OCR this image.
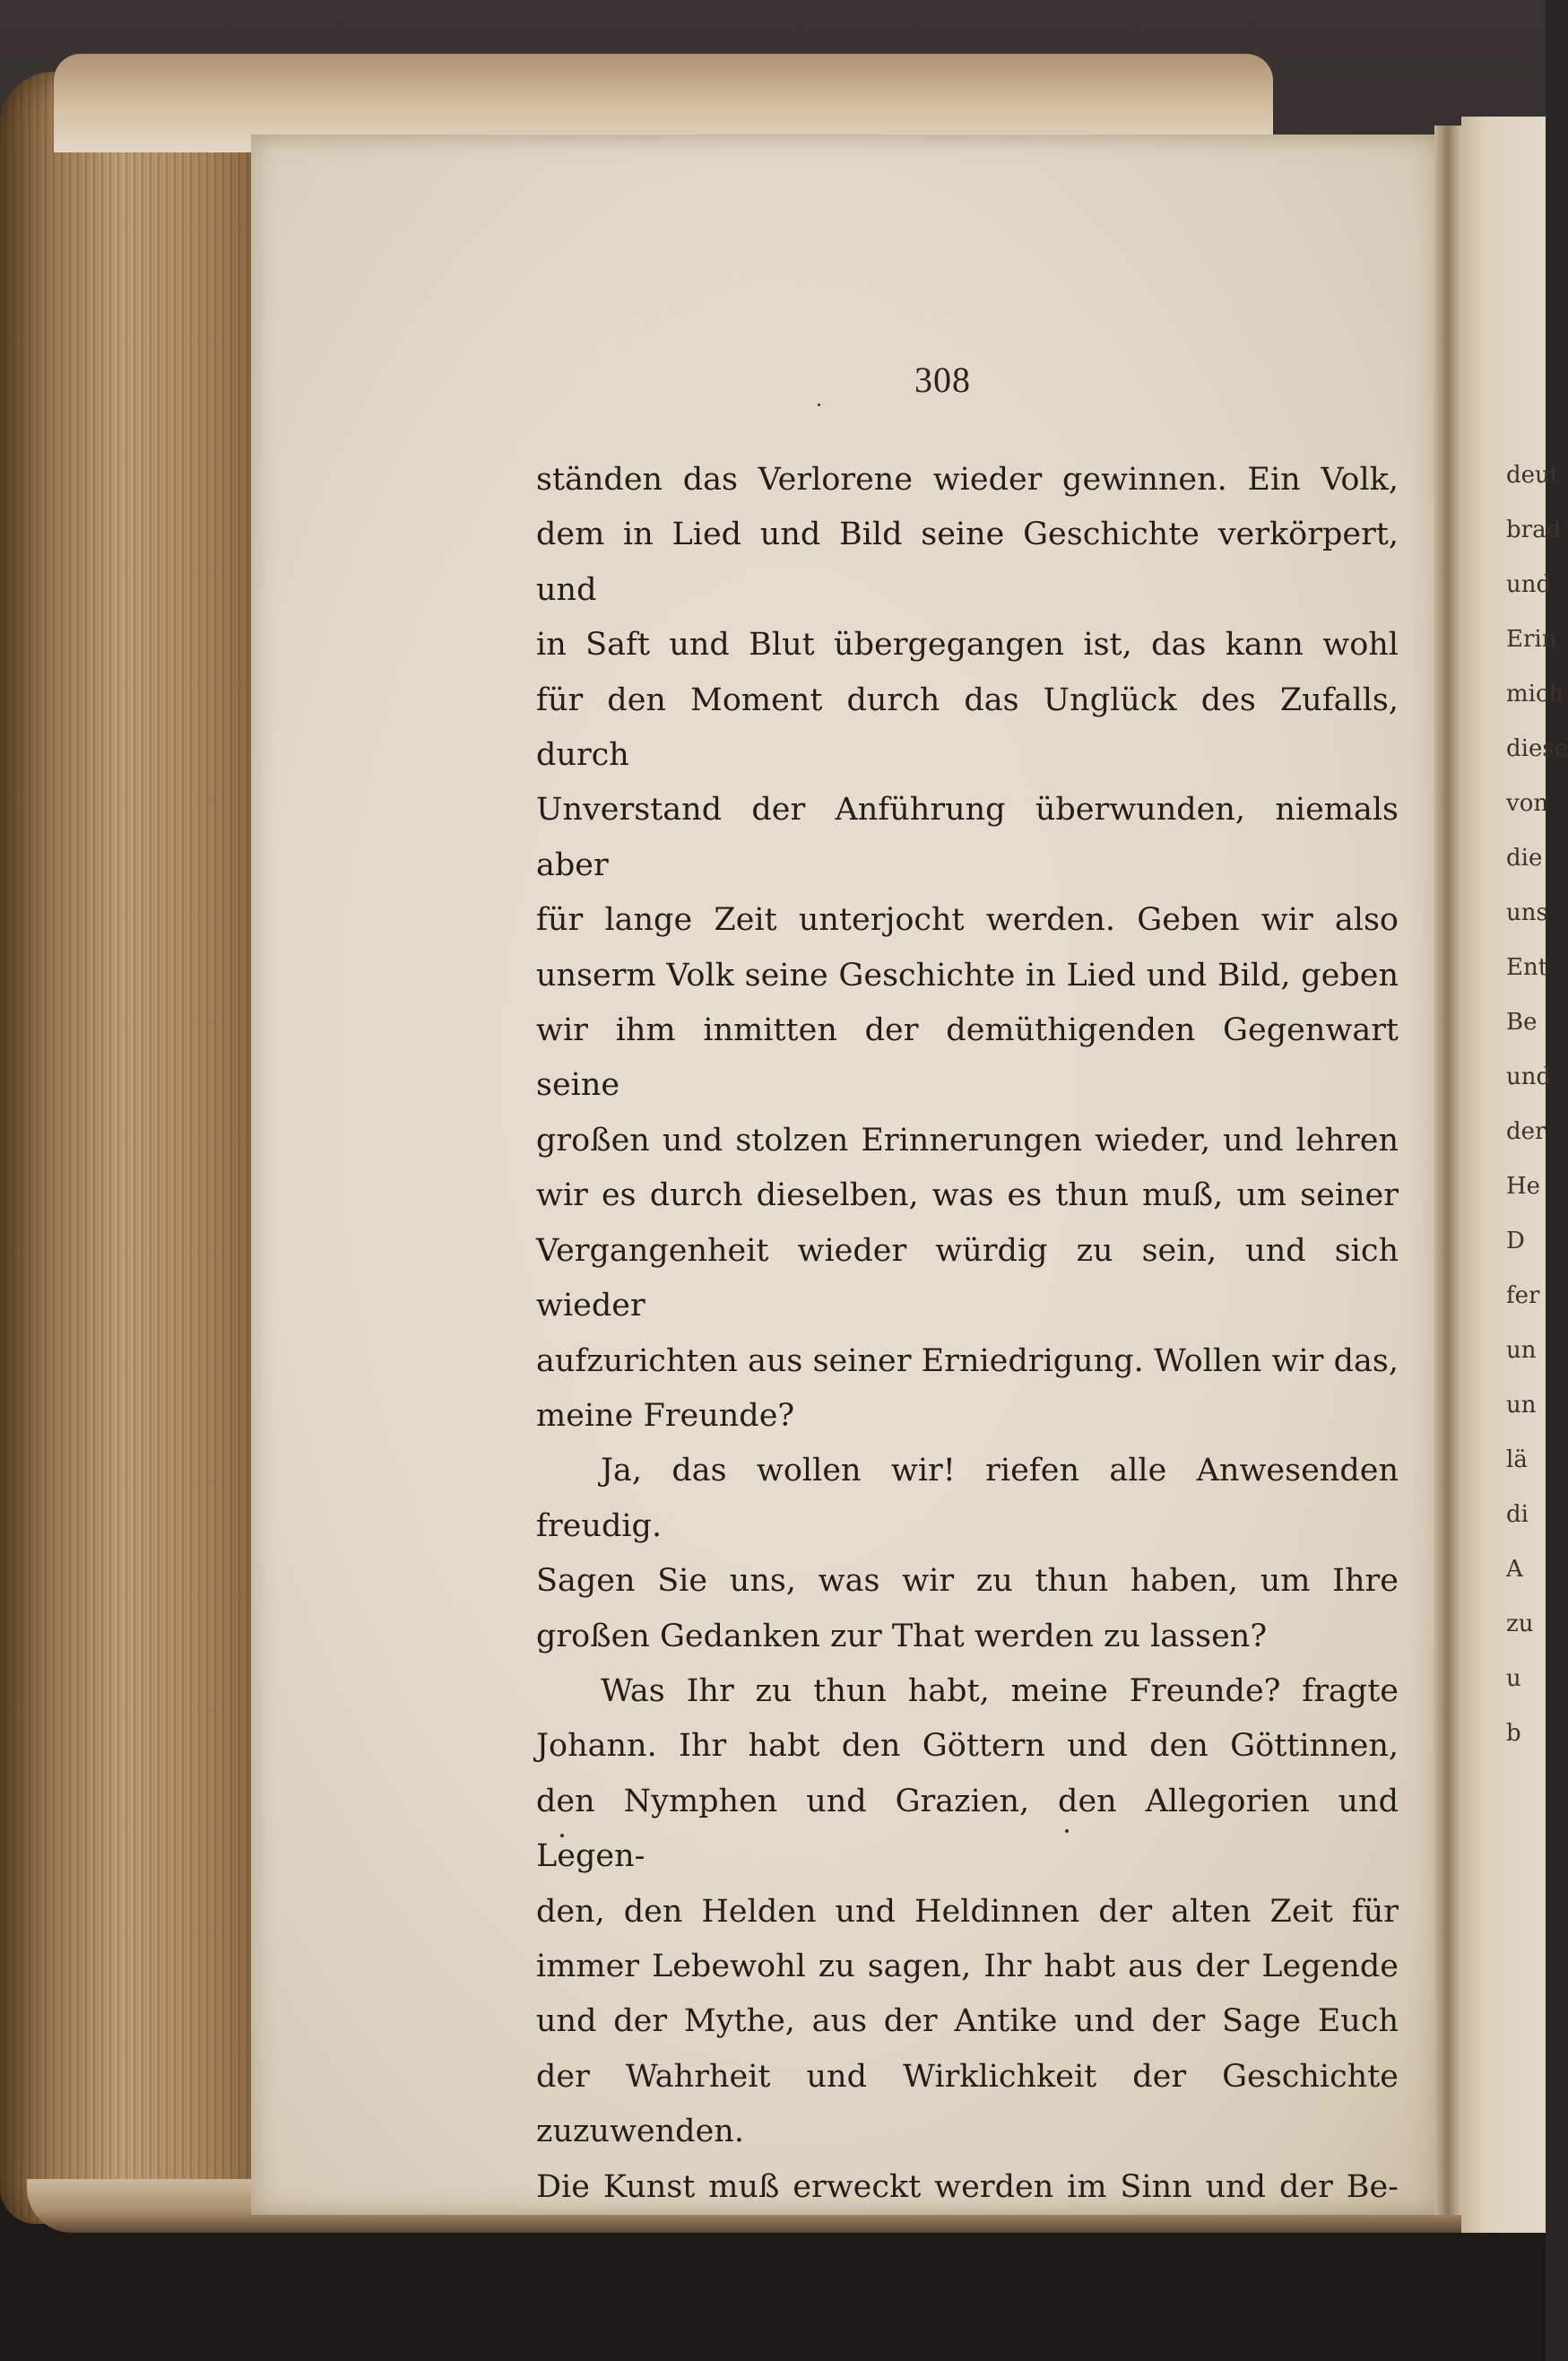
308

ständen das Verlorene wieder gewinnen. Ein Volk,

dem in Lied und Bild seine Geschichte verkörpert, und

in Saft und Blut übergegangen ist, das kann wohl

für den Moment durch das Unglück des Zufalls, durch

Unverstand der Anführung überwunden, niemals aber

für lange Zeit unterjocht werden. Geben wir also

unserm Volk seine Geschichte in Lied und Bild, geben

wir ihm inmitten der demüthigenden Gegenwart seine

großen und stolzen Erinnerungen wieder, und lehren

wir es durch dieselben, was es thun muß, um seiner

Vergangenheit wieder würdig zu sein, und sich wieder

aufzurichten aus seiner Erniedrigung. Wollen wir das,

meine Freunde?

Ja, das wollen wir! riefen alle Anwesenden freudig.

Sagen Sie uns, was wir zu thun haben, um Ihre

großen Gedanken zur That werden zu lassen?

Was Ihr zu thun habt, meine Freunde? fragte

Johann. Ihr habt den Göttern und den Göttinnen,

den Nymphen und Grazien, den Allegorien und Legen-

den, den Helden und Heldinnen der alten Zeit für

immer Lebewohl zu sagen, Ihr habt aus der Legende

und der Mythe, aus der Antike und der Sage Euch

der Wahrheit und Wirklichkeit der Geschichte zuzuwenden.

Die Kunst muß erweckt werden im Sinn und der Be-

deut
brad
und
Erin
mich
diese
von
die
uns
Ent
Be
und
der
He
D
fer
un
un
lä
di
A
zu
u
b
